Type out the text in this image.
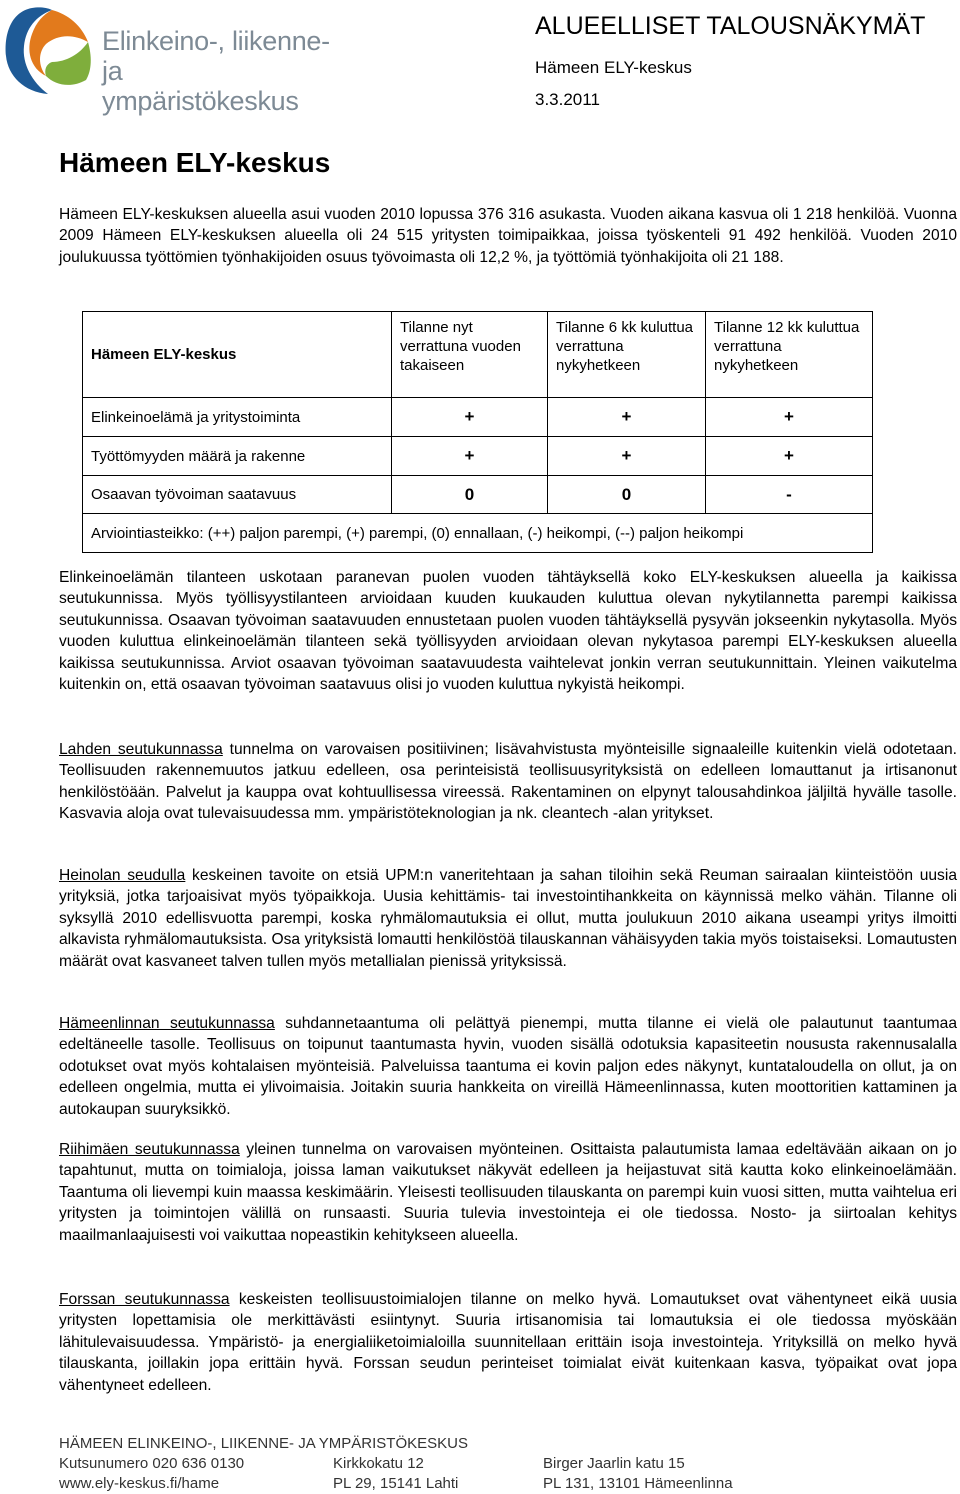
Elinkeino-, liikenne- ja
ympäristökeskus
ALUEELLISET TALOUSNÄKYMÄT
Hämeen ELY-keskus
3.3.2011
Hämeen ELY-keskus
Hämeen ELY-keskuksen alueella asui vuoden 2010 lopussa 376 316 asukasta. Vuoden aikana kasvua oli 1 218 henkilöä. Vuonna 2009 Hämeen ELY-keskuksen alueella oli 24 515 yritysten toimipaikkaa, joissa työskenteli 91 492 henkilöä. Vuoden 2010 joulukuussa työttömien työnhakijoiden osuus työvoimasta oli 12,2 %, ja työttömiä työnhakijoita oli 21 188.
Hämeen ELY-keskus	Tilanne nyt verrattuna vuoden takaiseen	Tilanne 6 kk kuluttua verrattuna nykyhetkeen	Tilanne 12 kk kuluttua verrattuna nykyhetkeen
Elinkeinoelämä ja yritystoiminta	+	+	+
Työttömyyden määrä ja rakenne	+	+	+
Osaavan työvoiman saatavuus	0	0	-
Arviointiasteikko: (++) paljon parempi, (+) parempi, (0) ennallaan, (-) heikompi, (--) paljon heikompi			
Elinkeinoelämän tilanteen uskotaan paranevan puolen vuoden tähtäyksellä koko ELY-keskuksen alueella ja kaikissa seutukunnissa. Myös työllisyystilanteen arvioidaan kuuden kuukauden kuluttua olevan nykytilannetta parempi kaikissa seutukunnissa. Osaavan työvoiman saatavuuden ennustetaan puolen vuoden tähtäyksellä pysyvän jokseenkin nykytasolla. Myös vuoden kuluttua elinkeinoelämän tilanteen sekä työllisyyden arvioidaan olevan nykytasoa parempi ELY-keskuksen alueella kaikissa seutukunnissa. Arviot osaavan työvoiman saatavuudesta vaihtelevat jonkin verran seutukunnittain. Yleinen vaikutelma kuitenkin on, että osaavan työvoiman saatavuus olisi jo vuoden kuluttua nykyistä heikompi.
Lahden seutukunnassa tunnelma on varovaisen positiivinen; lisävahvistusta myönteisille signaaleille kuitenkin vielä odotetaan. Teollisuuden rakennemuutos jatkuu edelleen, osa perinteisistä teollisuusyrityksistä on edelleen lomauttanut ja irtisanonut henkilöstöään. Palvelut ja kauppa ovat kohtuullisessa vireessä. Rakentaminen on elpynyt talousahdinkoa jäljiltä hyvälle tasolle. Kasvavia aloja ovat tulevaisuudessa mm. ympäristöteknologian ja nk. cleantech -alan yritykset.
Heinolan seudulla keskeinen tavoite on etsiä UPM:n vaneritehtaan ja sahan tiloihin sekä Reuman sairaalan kiinteistöön uusia yrityksiä, jotka tarjoaisivat myös työpaikkoja. Uusia kehittämis- tai investointihankkeita on käynnissä melko vähän. Tilanne oli syksyllä 2010 edellisvuotta parempi, koska ryhmälomautuksia ei ollut, mutta joulukuun 2010 aikana useampi yritys ilmoitti alkavista ryhmälomautuksista. Osa yrityksistä lomautti henkilöstöä tilauskannan vähäisyyden takia myös toistaiseksi. Lomautusten määrät ovat kasvaneet talven tullen myös metallialan pienissä yrityksissä.
Hämeenlinnan seutukunnassa suhdannetaantuma oli pelättyä pienempi, mutta tilanne ei vielä ole palautunut taantumaa edeltäneelle tasolle. Teollisuus on toipunut taantumasta hyvin, vuoden sisällä odotuksia kapasiteetin noususta rakennusalalla odotukset ovat myös kohtalaisen myönteisiä. Palveluissa taantuma ei kovin paljon edes näkynyt, kuntataloudella on ollut, ja on edelleen ongelmia, mutta ei ylivoimaisia. Joitakin suuria hankkeita on vireillä Hämeenlinnassa, kuten moottoritien kattaminen ja autokaupan suuryksikkö.
Riihimäen seutukunnassa yleinen tunnelma on varovaisen myönteinen. Osittaista palautumista lamaa edeltävään aikaan on jo tapahtunut, mutta on toimialoja, joissa laman vaikutukset näkyvät edelleen ja heijastuvat sitä kautta koko elinkeinoelämään. Taantuma oli lievempi kuin maassa keskimäärin. Yleisesti teollisuuden tilauskanta on parempi kuin vuosi sitten, mutta vaihtelua eri yritysten ja toimintojen välillä on runsaasti. Suuria tulevia investointeja ei ole tiedossa. Nosto- ja siirtoalan kehitys maailmanlaajuisesti voi vaikuttaa nopeastikin kehitykseen alueella.
Forssan seutukunnassa keskeisten teollisuustoimialojen tilanne on melko hyvä. Lomautukset ovat vähentyneet eikä uusia yritysten lopettamisia ole merkittävästi esiintynyt. Suuria irtisanomisia tai lomautuksia ei ole tiedossa myöskään lähitulevaisuudessa. Ympäristö- ja energialiiketoimialoilla suunnitellaan erittäin isoja investointeja. Yrityksillä on melko hyvä tilauskanta, joillakin jopa erittäin hyvä. Forssan seudun perinteiset toimialat eivät kuitenkaan kasva, työpaikat ovat jopa vähentyneet edelleen.
HÄMEEN ELINKEINO-, LIIKENNE- JA YMPÄRISTÖKESKUS
Kutsunumero 020 636 0130
www.ely-keskus.fi/hame
Kirkkokatu 12
PL 29, 15141 Lahti
Birger Jaarlin katu 15
PL 131, 13101 Hämeenlinna
